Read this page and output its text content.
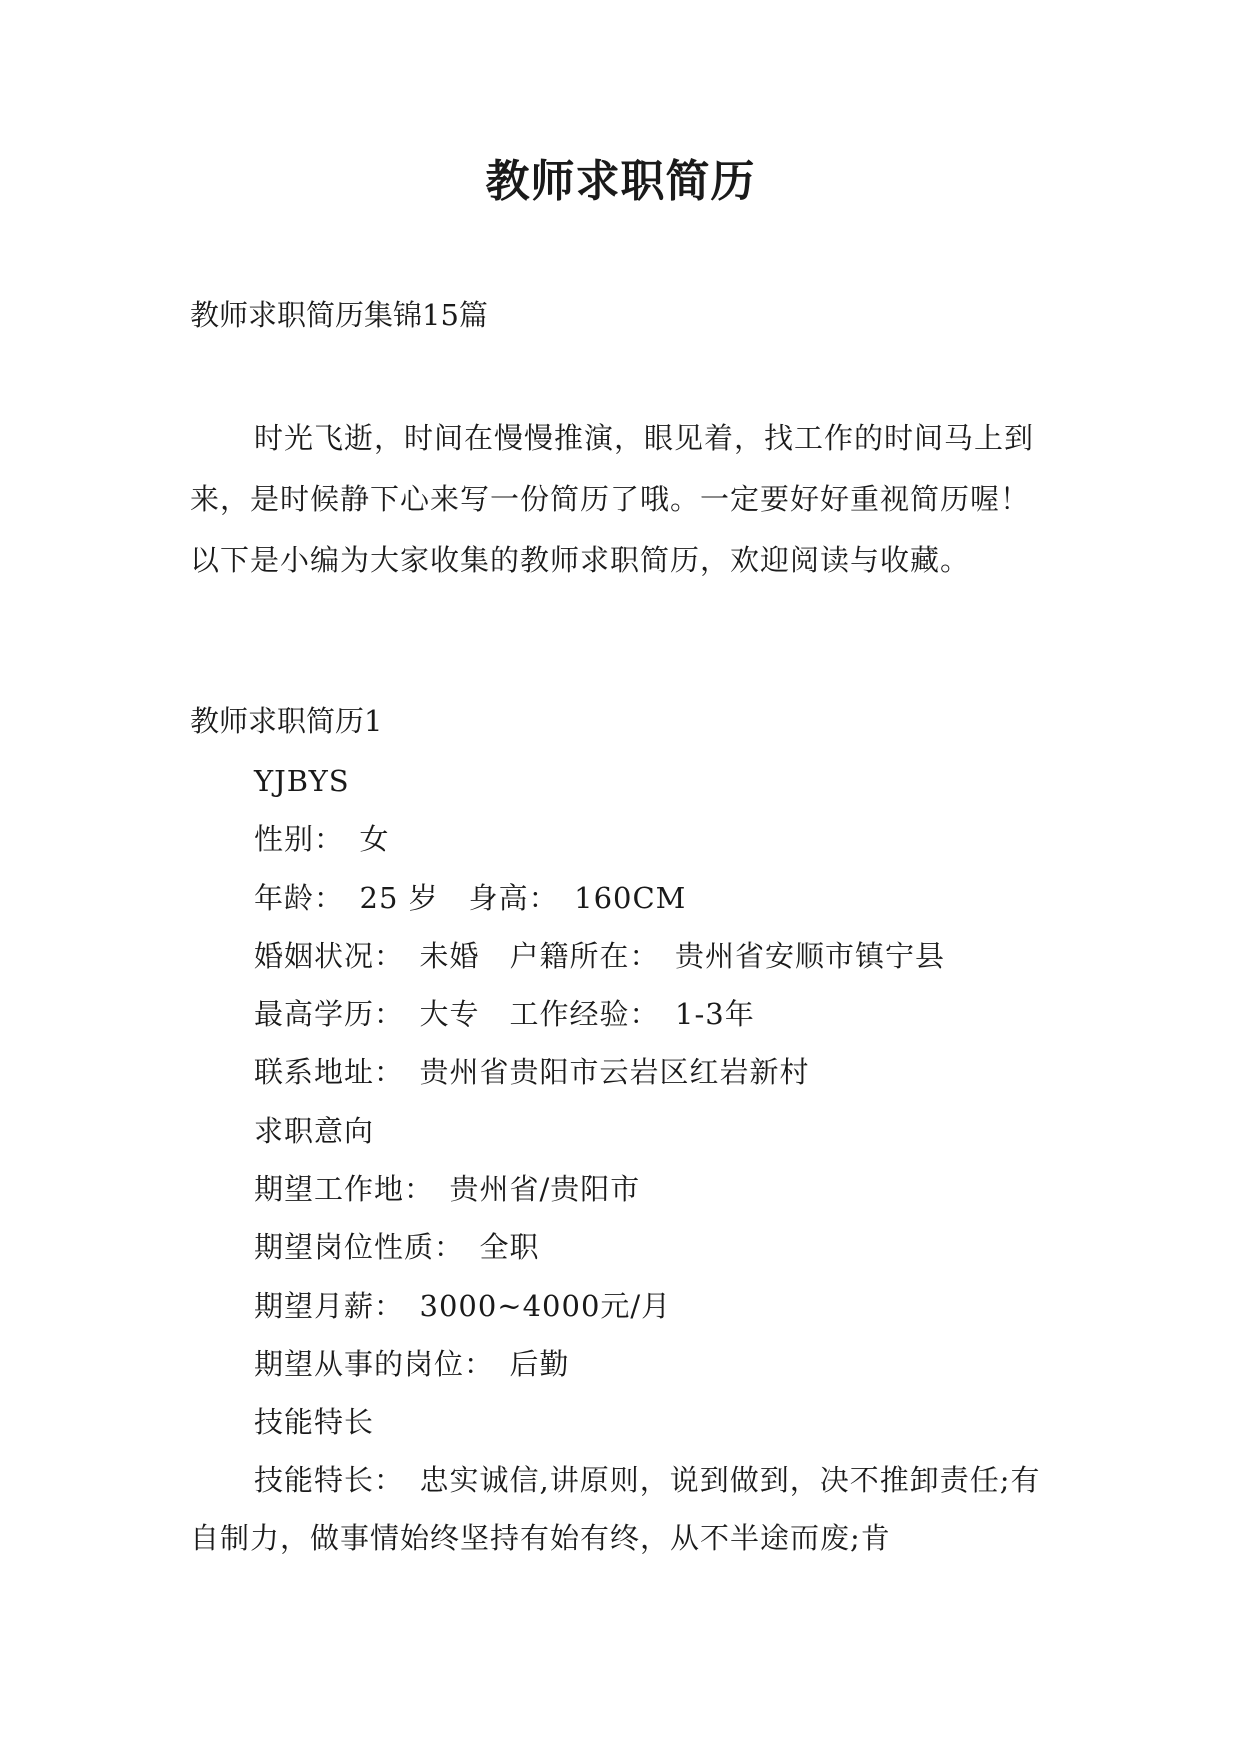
教师求职简历
教师求职简历集锦15篇

时光飞逝，时间在慢慢推演，眼见着，找工作的时间马上到来，是时候静下心来写一份简历了哦。一定要好好重视简历喔！以下是小编为大家收集的教师求职简历，欢迎阅读与收藏。

教师求职简历1
YJBYS
性别：　女
年龄：　25 岁　身高：　160CM
婚姻状况：　未婚　户籍所在：　贵州省安顺市镇宁县
最高学历：　大专　工作经验：　1-3年
联系地址：　贵州省贵阳市云岩区红岩新村
求职意向
期望工作地：　贵州省/贵阳市
期望岗位性质：　全职
期望月薪：　3000~4000元/月
期望从事的岗位：　后勤
技能特长

技能特长：　忠实诚信,讲原则，说到做到，决不推卸责任;有自制力，做事情始终坚持有始有终，从不半途而废;肯
